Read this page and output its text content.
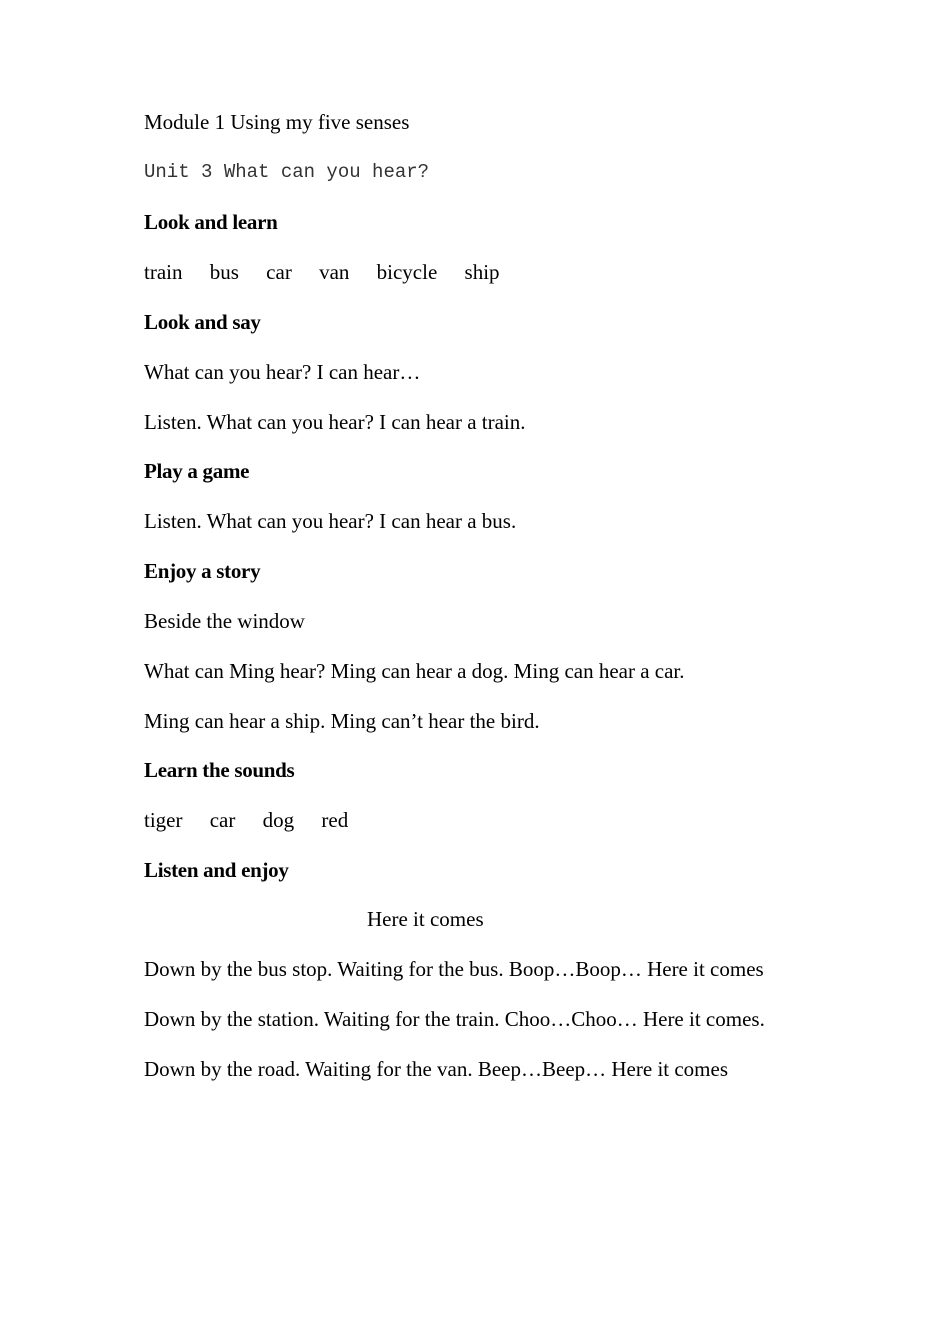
Module 1 Using my five senses
Unit 3 What can you hear?
Look and learn
train bus car van bicycle ship
Look and say
What can you hear? I can hear…
Listen. What can you hear? I can hear a train.
Play a game
Listen. What can you hear? I can hear a bus.
Enjoy a story
Beside the window
What can Ming hear? Ming can hear a dog. Ming can hear a car.
Ming can hear a ship. Ming can’t hear the bird.
Learn the sounds
tiger car dog red
Listen and enjoy
Here it comes
Down by the bus stop. Waiting for the bus. Boop…Boop… Here it comes
Down by the station. Waiting for the train. Choo…Choo… Here it comes.
Down by the road. Waiting for the van. Beep…Beep… Here it comes
